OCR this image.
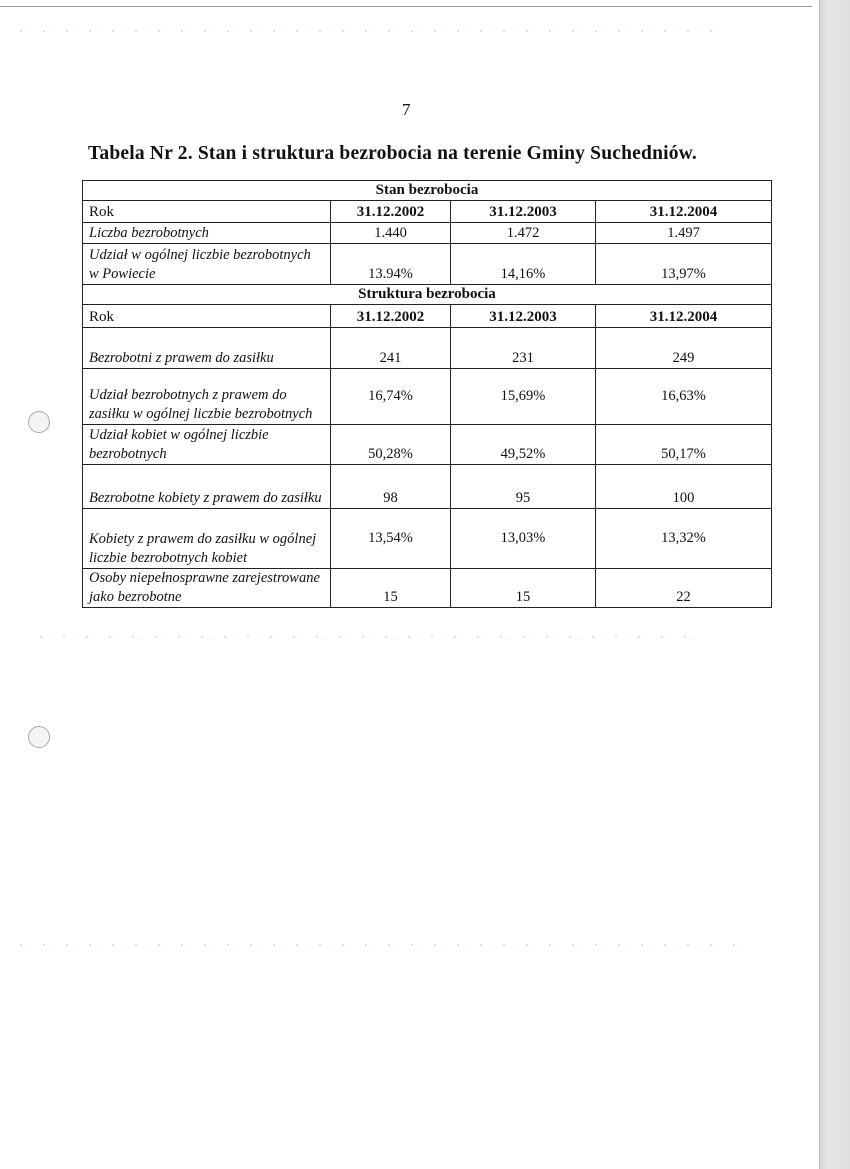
7
Tabela Nr 2. Stan i struktura bezrobocia na terenie Gminy Suchedniów.
Stan bezrobocia			
Rok	31.12.2002	31.12.2003	31.12.2004
Liczba bezrobotnych	1.440	1.472	1.497
Udział w ogólnej liczbie bezrobotnych w Powiecie	13.94%	14,16%	13,97%
Struktura bezrobocia			
Rok	31.12.2002	31.12.2003	31.12.2004
Bezrobotni z prawem do zasiłku	241	231	249
Udział bezrobotnych z prawem do zasiłku w ogólnej liczbie bezrobotnych	16,74%	15,69%	16,63%
Udział kobiet w ogólnej liczbie bezrobotnych	50,28%	49,52%	50,17%
Bezrobotne kobiety z prawem do zasiłku	98	95	100
Kobiety z prawem do zasiłku w ogólnej liczbie bezrobotnych kobiet	13,54%	13,03%	13,32%
Osoby niepełnosprawne zarejestrowane jako bezrobotne	15	15	22
